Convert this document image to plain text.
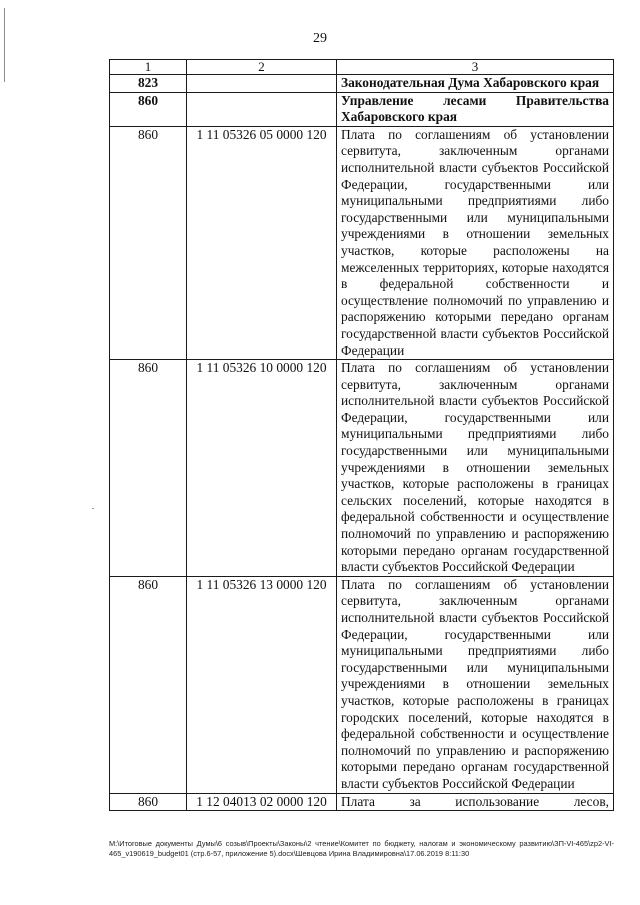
29
1	2	3
823		Законодательная Дума Хабаровского края
860		Управление лесами Правительства Хабаровского края
860	1 11 05326 05 0000 120	Плата по соглашениям об установлении сервитута, заключенным органами исполнительной власти субъектов Российской Федерации, государственными или муниципальными предприятиями либо государственными или муниципальными учреждениями в отношении земельных участков, которые расположены на межселенных территориях, которые находятся в федеральной собственности и осуществление полномочий по управлению и распоряжению которыми передано органам государственной власти субъектов Российской Федерации
860	1 11 05326 10 0000 120	Плата по соглашениям об установлении сервитута, заключенным органами исполнительной власти субъектов Российской Федерации, государственными или муниципальными предприятиями либо государственными или муниципальными учреждениями в отношении земельных участков, которые расположены в границах сельских поселений, которые находятся в федеральной собственности и осуществление полномочий по управлению и распоряжению которыми передано органам государственной власти субъектов Российской Федерации
860	1 11 05326 13 0000 120	Плата по соглашениям об установлении сервитута, заключенным органами исполнительной власти субъектов Российской Федерации, государственными или муниципальными предприятиями либо государственными или муниципальными учреждениями в отношении земельных участков, которые расположены в границах городских поселений, которые находятся в федеральной собственности и осуществление полномочий по управлению и распоряжению которыми передано органам государственной власти субъектов Российской Федерации
860	1 12 04013 02 0000 120	Плата за использование лесов,
M:\Итоговые документы Думы\6 созыв\Проекты\Законы\2 чтение\Комитет по бюджету, налогам и экономическому развитию\ЗП-VI-465\zp2-VI-465_v190619_budget01 (стр.6-57, приложение 5).docx\Шевцова Ирина Владимировна\17.06.2019 8:11:30
